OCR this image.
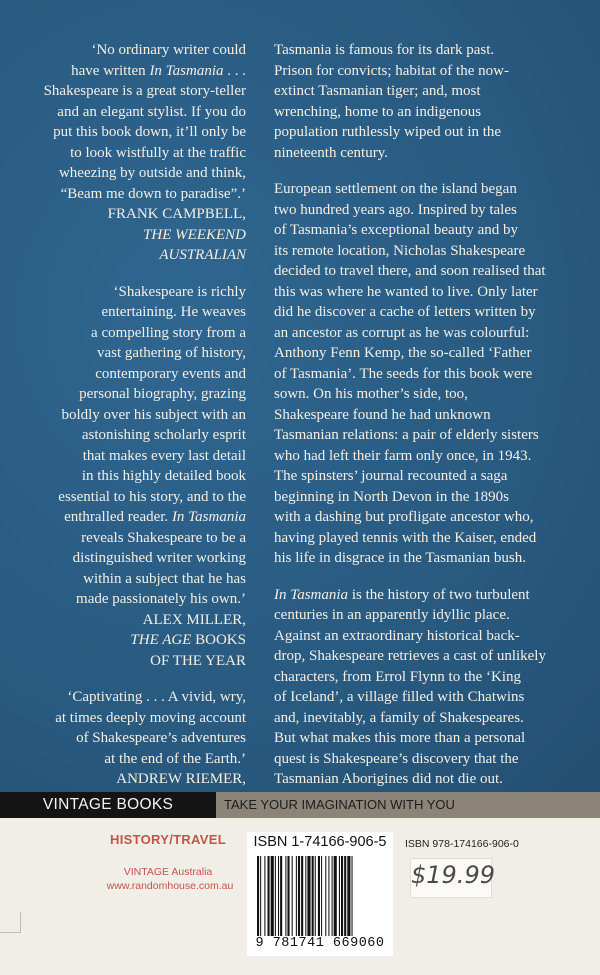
‘No ordinary writer could
have written In Tasmania . . .
Shakespeare is a great story-teller
and an elegant stylist. If you do
put this book down, it’ll only be
to look wistfully at the traffic
wheezing by outside and think,
“Beam me down to paradise”.’
FRANK CAMPBELL,
THE WEEKEND
AUSTRALIAN
‘Shakespeare is richly
entertaining. He weaves
a compelling story from a
vast gathering of history,
contemporary events and
personal biography, grazing
boldly over his subject with an
astonishing scholarly esprit
that makes every last detail
in this highly detailed book
essential to his story, and to the
enthralled reader. In Tasmania
reveals Shakespeare to be a
distinguished writer working
within a subject that he has
made passionately his own.’
ALEX MILLER,
THE AGE BOOKS
OF THE YEAR
‘Captivating . . . A vivid, wry,
at times deeply moving account
of Shakespeare’s adventures
at the end of the Earth.’
ANDREW RIEMER,
Tasmania is famous for its dark past.
Prison for convicts; habitat of the now-
extinct Tasmanian tiger; and, most
wrenching, home to an indigenous
population ruthlessly wiped out in the
nineteenth century.
European settlement on the island began
two hundred years ago. Inspired by tales
of Tasmania’s exceptional beauty and by
its remote location, Nicholas Shakespeare
decided to travel there, and soon realised that
this was where he wanted to live. Only later
did he discover a cache of letters written by
an ancestor as corrupt as he was colourful:
Anthony Fenn Kemp, the so-called ‘Father
of Tasmania’. The seeds for this book were
sown. On his mother’s side, too,
Shakespeare found he had unknown
Tasmanian relations: a pair of elderly sisters
who had left their farm only once, in 1943.
The spinsters’ journal recounted a saga
beginning in North Devon in the 1890s
with a dashing but profligate ancestor who,
having played tennis with the Kaiser, ended
his life in disgrace in the Tasmanian bush.
In Tasmania is the history of two turbulent
centuries in an apparently idyllic place.
Against an extraordinary historical back-
drop, Shakespeare retrieves a cast of unlikely
characters, from Errol Flynn to the ‘King
of Iceland’, a village filled with Chatwins
and, inevitably, a family of Shakespeares.
But what makes this more than a personal
quest is Shakespeare’s discovery that the
Tasmanian Aborigines did not die out.
VINTAGE BOOKS	TAKE YOUR IMAGINATION WITH YOU
HISTORY/TRAVEL
VINTAGE Australia
www.randomhouse.com.au
ISBN 1-74166-906-5
9 781741 669060
ISBN 978-174166-906-0
$19.99
